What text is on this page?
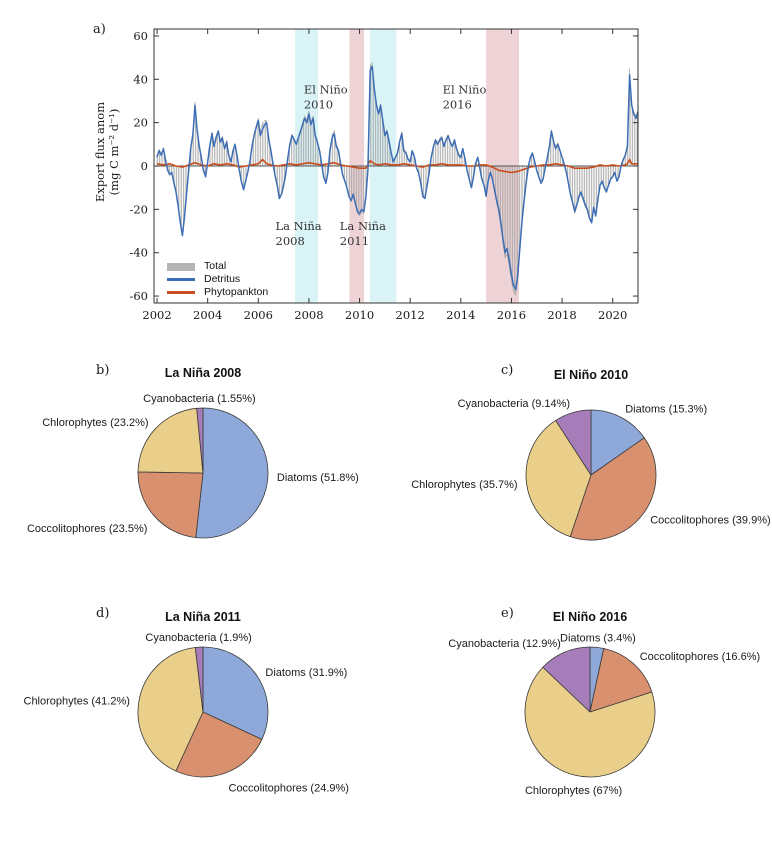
2002 2004 2006 2008 2010 2012 2014 2016 2018 2020
-60
-40
-20
0
20
40
60
La Niña 2008
El Niño 2010
La Niña 2011
El Niño 2016
Diatoms (51.8%)
Coccolitophores (23.5%)
Chlorophytes (23.2%)
Cyanobacteria (1.55%)
Diatoms (15.3%)
Coccolitophores (39.9%)
Chlorophytes (35.7%)
Cyanobacteria (9.14%)
Diatoms (31.9%)
Coccolitophores (24.9%)
Chlorophytes (41.2%)
Cyanobacteria (1.9%)	Diatoms (3.4%)
Coccolitophores (16.6%)
Chlorophytes (67%)
Cyanobacteria (12.9%)
a)
b)	c)
d)	e)
Export flux anom
(mg C m⁻² d⁻¹)
Total
Detritus
Phytopankton
La Niña 2008	El Niño 2010
La Niña 2011	El Niño 2016
